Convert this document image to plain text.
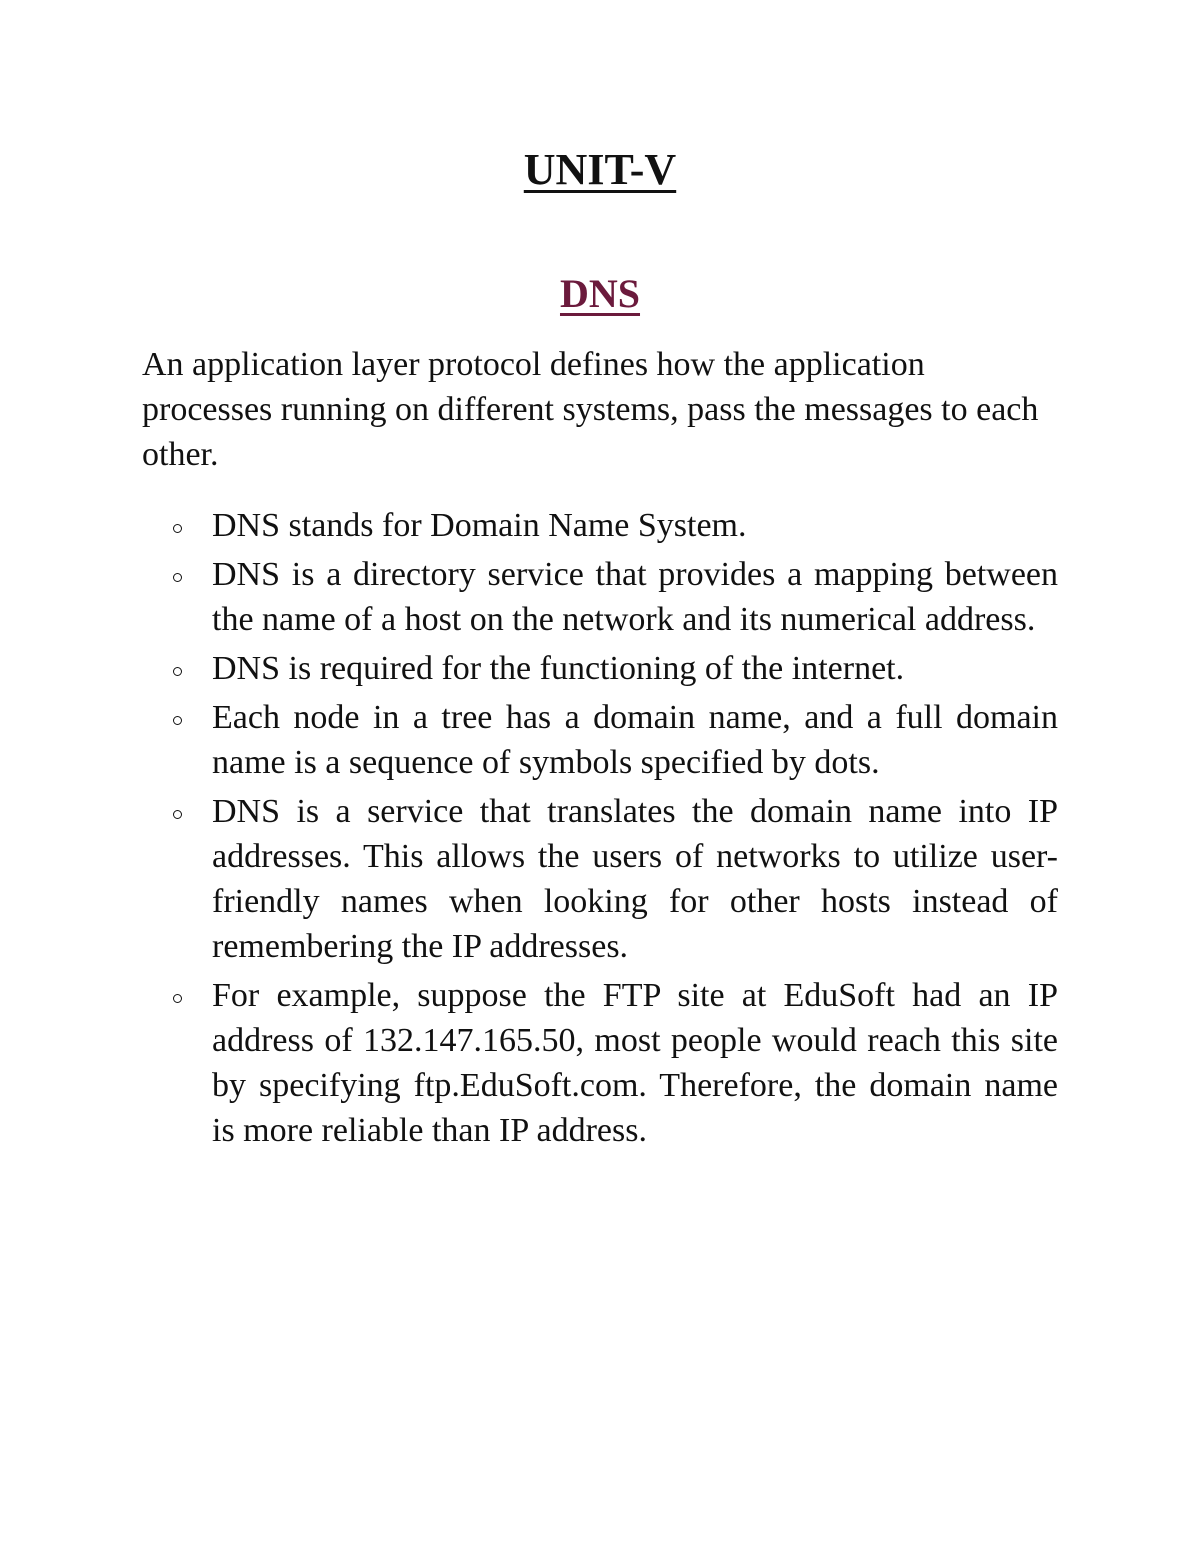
UNIT-V
DNS

An application layer protocol defines how the application processes running on different systems, pass the messages to each other.

DNS stands for Domain Name System.
DNS is a directory service that provides a mapping between the name of a host on the network and its numerical address.
DNS is required for the functioning of the internet.
Each node in a tree has a domain name, and a full domain name is a sequence of symbols specified by dots.
DNS is a service that translates the domain name into IP addresses. This allows the users of networks to utilize user-friendly names when looking for other hosts instead of remembering the IP addresses.
For example, suppose the FTP site at EduSoft had an IP address of 132.147.165.50, most people would reach this site by specifying ftp.EduSoft.com. Therefore, the domain name is more reliable than IP address.
